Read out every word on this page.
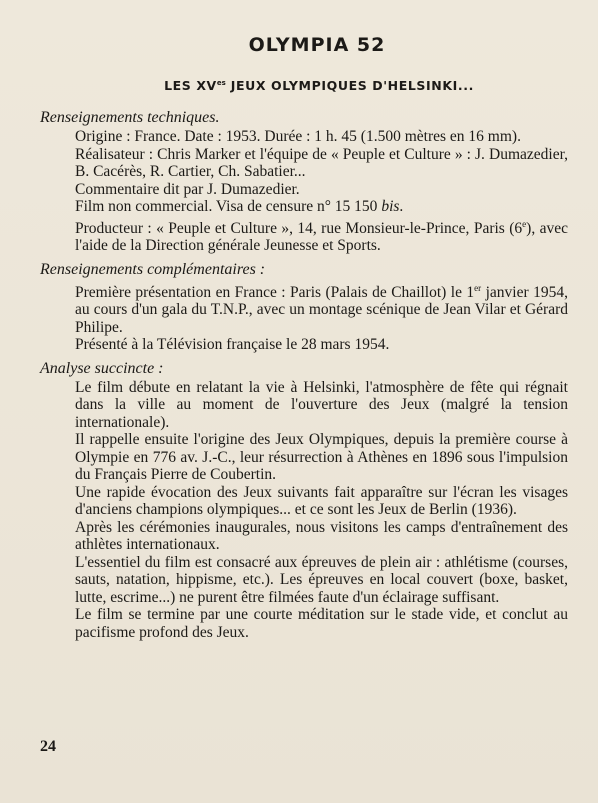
OLYMPIA 52
LES $XV^{es}$ JEUX OLYMPIQUES D'HELSINKI...
Renseignements techniques.

Origine : France. Date : 1953. Durée : 1 h. 45 (1.500 mètres en 16 mm).

Réalisateur : Chris Marker et l'équipe de « Peuple et Culture » : J. Dumazedier, B. Cacérès, R. Cartier, Ch. Sabatier...

Commentaire dit par J. Dumazedier.

Film non commercial. Visa de censure n° 15 150 bis.

Producteur : « Peuple et Culture », 14, rue Monsieur-le-Prince, Paris (6e), avec l'aide de la Direction générale Jeunesse et Sports.

Renseignements complémentaires :

Première présentation en France : Paris (Palais de Chaillot) le 1er janvier 1954, au cours d'un gala du T.N.P., avec un montage scénique de Jean Vilar et Gérard Philipe.

Présenté à la Télévision française le 28 mars 1954.

Analyse succincte :

Le film débute en relatant la vie à Helsinki, l'atmosphère de fête qui régnait dans la ville au moment de l'ouverture des Jeux (malgré la tension internationale).

Il rappelle ensuite l'origine des Jeux Olympiques, depuis la première course à Olympie en 776 av. J.-C., leur résurrection à Athènes en 1896 sous l'impulsion du Français Pierre de Coubertin.

Une rapide évocation des Jeux suivants fait apparaître sur l'écran les visages d'anciens champions olympiques... et ce sont les Jeux de Berlin (1936).

Après les cérémonies inaugurales, nous visitons les camps d'entraînement des athlètes internationaux.

L'essentiel du film est consacré aux épreuves de plein air : athlétisme (courses, sauts, natation, hippisme, etc.). Les épreuves en local couvert (boxe, basket, lutte, escrime...) ne purent être filmées faute d'un éclairage suffisant.

Le film se termine par une courte méditation sur le stade vide, et conclut au pacifisme profond des Jeux.

24
